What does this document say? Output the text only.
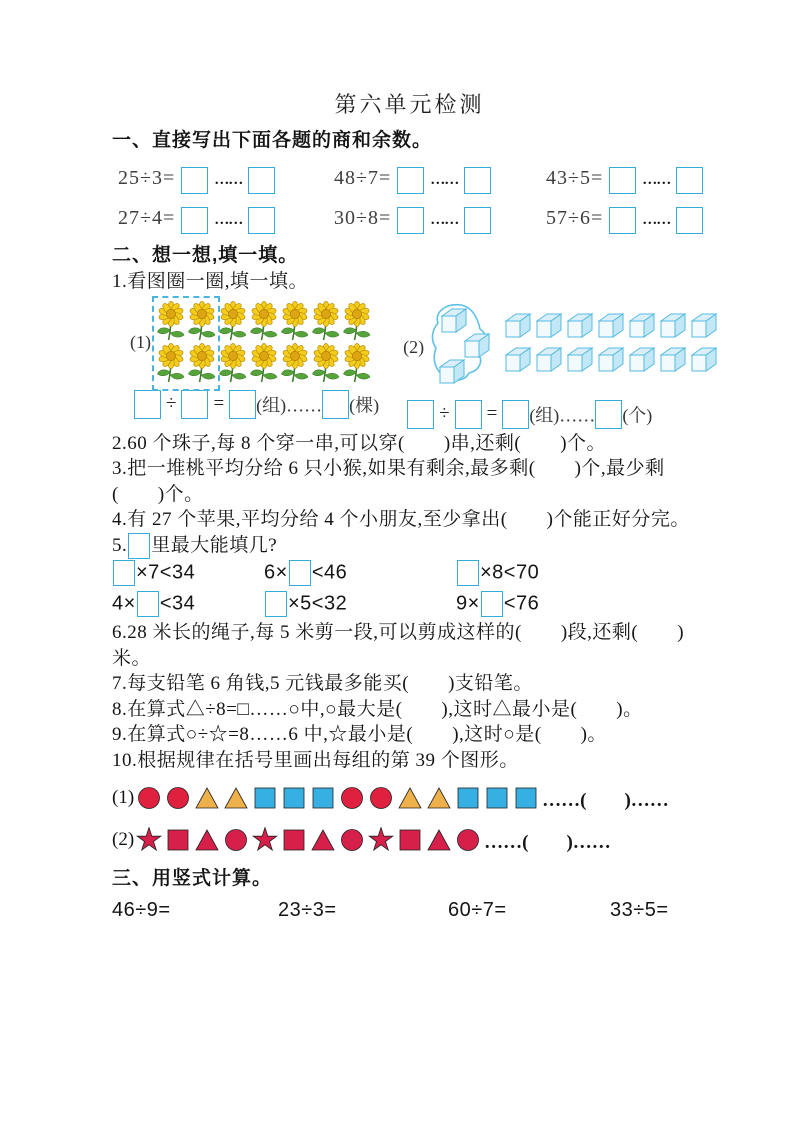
第六单元检测
一、直接写出下面各题的商和余数。
25÷3=	……	48÷7=	……	43÷5=	……
27÷4=	……	30÷8=	……	57÷6=	……
二、想一想,填一填。
1.看图圈一圈,填一填。
(1)
÷ = (组)…… (棵)
(2)
÷ = (组)…… (个)
2.60 个珠子,每 8 个穿一串,可以穿(　　)串,还剩(　　)个。
3.把一堆桃平均分给 6 只小猴,如果有剩余,最多剩(　　)个,最少剩
(　　)个。
4.有 27 个苹果,平均分给 4 个小朋友,至少拿出(　　)个能正好分完。
5. 里最大能填几?
×7<34	6× <46	×8<70
4× <34	×5<32	9× <76
6.28 米长的绳子,每 5 米剪一段,可以剪成这样的(　　)段,还剩(　　)
米。
7.每支铅笔 6 角钱,5 元钱最多能买(　　)支铅笔。
8.在算式△÷8=□……○中,○最大是(　　),这时△最小是(　　)。
9.在算式○÷☆=8……6 中,☆最小是(　　),这时○是(　　)。
10.根据规律在括号里画出每组的第 39 个图形。
(1)	……(　　)……
(2)	……(　　)……
三、用竖式计算。
46÷9=	23÷3=	60÷7=	33÷5=
